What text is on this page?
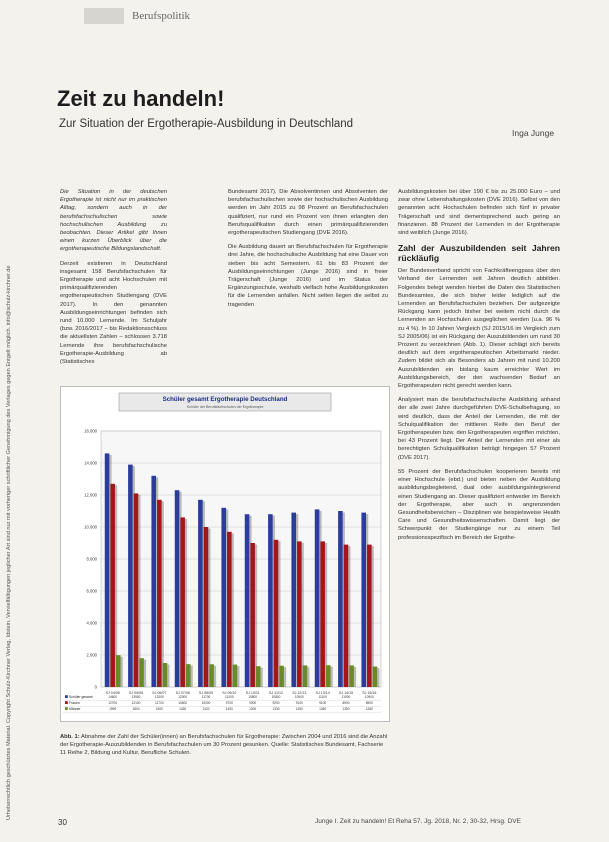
Urheberrechtlich geschütztes Material. Copyright Schulz-Kirchner Verlag, Idstein. Vervielfältigungen jeglicher Art sind nur mit vorheriger schriftlicher Genehmigung des Verlages gegen Entgelt möglich. info@schulz-kirchner.de
Berufspolitik
Zeit zu handeln!
Zur Situation der Ergotherapie-Ausbildung in Deutschland
Inga Junge

Die Situation in der deutschen Ergotherapie ist nicht nur im praktischen Alltag, sondern auch in der berufsfachschulischen sowie hochschulischen Ausbildung zu beobachten. Dieser Artikel gibt Ihnen einen kurzen Überblick über die ergotherapeutische Bildungslandschaft.

Derzeit existieren in Deutschland insgesamt 158 Berufsfachschulen für Ergotherapie und acht Hochschulen mit primärqualifizierenden ergotherapeutischen Studiengang (DVE 2017). In den genannten Ausbildungseinrichtungen befinden sich rund 10.000 Lernende. Im Schuljahr (bzw. 2016/2017 – bis Redaktionsschluss die aktuellsten Zahlen – schlossen 3.718 Lernende ihre berufsfachschulische Ergotherapie-Ausbildung ab (Statistisches

Bundesamt 2017). Die Absolventinnen und Absolventen der berufsfachschulischen sowie der hochschulischen Ausbildung werden im Jahr 2015 zu 98 Prozent an Berufsfachschulen qualifiziert, nur rund ein Prozent von ihnen erlangten den Berufsqualifikation durch einen primärqualifizierenden ergotherapeutischen Studiengang (DVE 2016).

Die Ausbildung dauert an Berufsfachschulen für Ergotherapie drei Jahre, die hochschulische Ausbildung hat eine Dauer von sieben bis acht Semestern. 61 bis 83 Prozent der Ausbildungseinrichtungen (Junge 2016) sind in freier Trägerschaft (Junge 2016) und im Status der Ergänzungsschule, weshalb vielfach hohe Ausbildungskosten für die Lernenden anfallen. Nicht selten liegen die selbst zu tragenden

Ausbildungskosten bei über 190 € bis zu 25.000 Euro – und zwar ohne Lebenshaltungskosten (DVE 2016). Selbst von den genannten acht Hochschulen befinden sich fünf in privater Trägerschaft und sind dementsprechend auch gering an finanzieren. 88 Prozent der Lernenden in der Ergotherapie sind weiblich (Junge 2016).

Zahl der Auszubildenden seit Jahren rückläufig

Der Bundesverband spricht von Fachkräfteengpass über den Verband der Lernenden seit Jahren deutlich abbilden. Folgendes belegt wenden hierbei die Daten des Statistischen Bundesamtes, die sich bisher leider lediglich auf die Lernenden an Berufsfachschulen beziehen. Der aufgezeigte Rückgang kann jedoch bisher bei weitem nicht durch die Lernenden an Hochschulen ausgeglichen werden (u.a. 96 % zu 4 %). In 10 Jahren Vergleich (SJ 2015/16 im Vergleich zum SJ 2005/06) ist ein Rückgang der Auszubildenden um rund 30 Prozent zu verzeichnen (Abb. 1). Dieser schlägt sich bereits deutlich auf dem ergotherapeutischen Arbeitsmarkt nieder. Zudem bildet sich als Besonders ab Jahren mit rund 10.200 Auszubildenden ein bislang kaum erreichter Wert im Ausbildungsbereich, der den wachsenden Bedarf an Ergotherapeuten nicht gerecht werden kann.

Analysiert man die berufsfachschulische Ausbildung anhand der alle zwei Jahre durchgeführten DVE-Schulbefragung, so wird deutlich, dass der Anteil der Lernenden, die mit der Schulqualifikation der mittleren Reife den Beruf der Ergotherapeuten bzw. den Ergotherapeuten ergriffen möchten, bei 43 Prozent liegt. Der Anteil der Lernenden mit einer als berechtigten Schulqualifikation beträgt hingegen 57 Prozent (DVE 2017).

55 Prozent der Berufsfachschulen kooperieren bereits mit einer Hochschule (ebd.) und bieten neben der Ausbildung ausbildungsbegleitend, dual oder ausbildungsintegrierend einen Studiengang an. Dieser qualifiziert entweder im Bereich der Ergotherapie, aber auch in angrenzenden Gesundheitsbereichen – Disziplinen wie beispielsweise Health Care und Gesundheitswissenschaften. Damit liegt der Schwerpunkt der Studiengänge nur zu einem Teil professionsspezifisch im Bereich der Ergothe-

Schüler gesamt Ergotherapie Deutschland
Schüler der Berufsfachschulen der Ergotherapie
0
2.000
4.000
6.000
8.000
10.000
12.000
14.000
16.000
SJ 04/05	SJ 05/06	SJ 06/07	SJ 07/08	SJ 08/09	SJ 09/10	SJ 10/11	SJ 11/12	SJ 12/13	SJ 13/14	SJ 14/15	SJ 15/16
Schüler gesamt	14600	13900	13200	12300	11700	11200	10800	10800	10900	11100	11000	10900
Frauen	12700	12100	11700	10600	10000	9700	9000	9200	9100	9100	8900	8900
Männer	1990	1800	1500	1430	1420	1400	1300	1330	1350	1360	1350	1280
Abb. 1: Abnahme der Zahl der Schüler(innen) an Berufsfachschulen für Ergotherapie: Zwischen 2004 und 2016 sind die Anzahl der Ergotherapie-Auszubildenden in Berufsfachschulen um 30 Prozent gesunken. Quelle: Statistisches Bundesamt, Fachserie 11 Reihe 2, Bildung und Kultur, Berufliche Schulen.
30	Junge I. Zeit zu handeln! Et Reha 57. Jg. 2018, Nr. 2, 30-32, Hrsg. DVE
